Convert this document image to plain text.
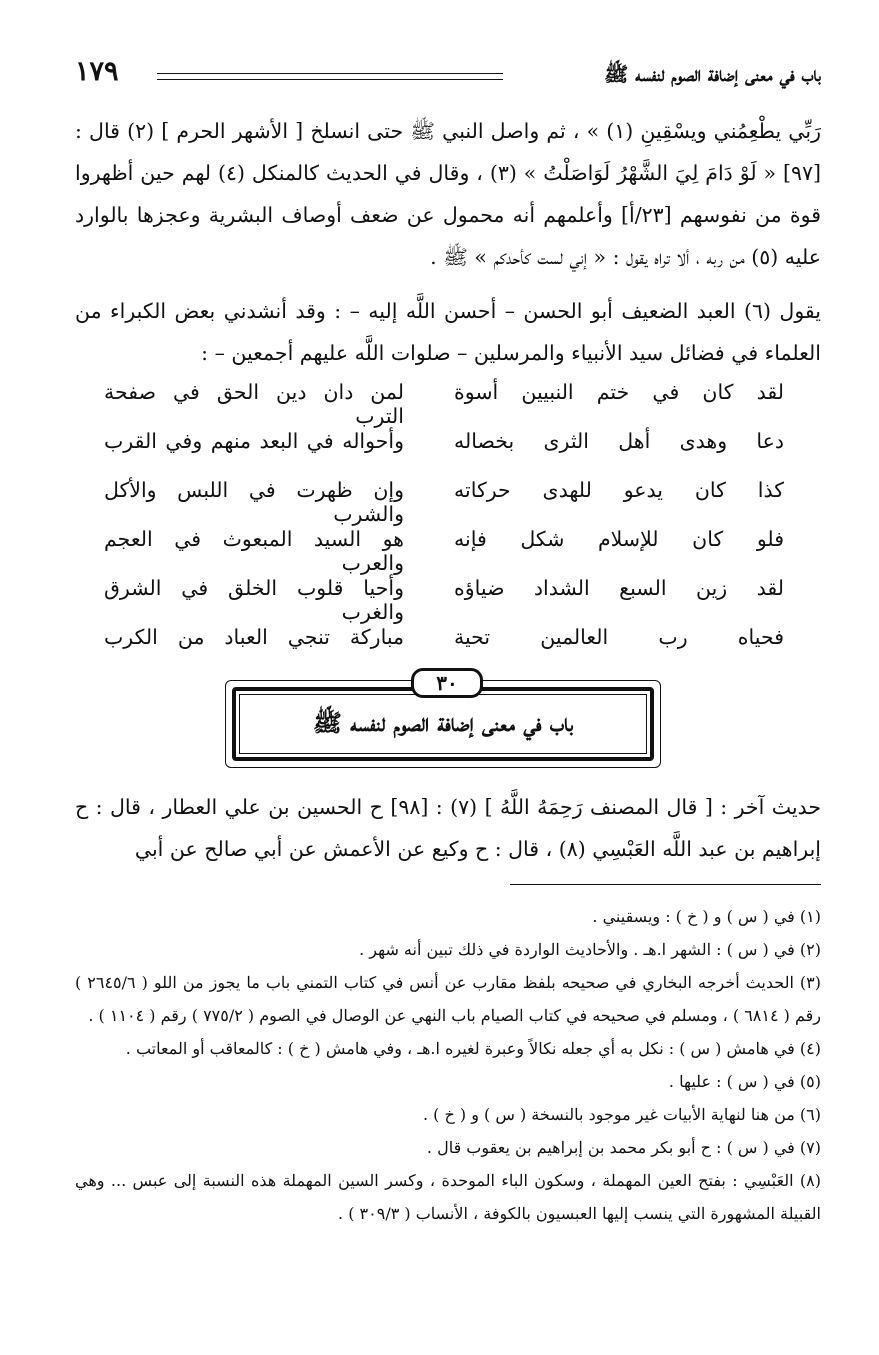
باب في معنى إضافة الصوم لنفسه ﷺ
١٧٩
رَبِّي يطْعِمُني ويسْقِينِ (١) » ، ثم واصل النبي ﷺ حتى انسلخ [ الأشهر الحرم ] (٢) قال : [٩٧] « لَوْ دَامَ لِيَ الشَّهْرُ لَوَاصَلْتُ » (٣) ، وقال في الحديث كالمنكل (٤) لهم حين أظهروا قوة من نفوسهم [٢٣/أ] وأعلمهم أنه محمول عن ضعف أوصاف البشرية وعجزها بالوارد عليه (٥) من ربه ، ألا تراه يقول : « إني لست كأحدكم » ﷺ .
يقول (٦) العبد الضعيف أبو الحسن – أحسن اللَّه إليه – : وقد أنشدني بعض الكبراء من العلماء في فضائل سيد الأنبياء والمرسلين – صلوات اللَّه عليهم أجمعين – :
لقد كان في ختم النبيين أسوة
لمن دان دين الحق في صفحة الترب
دعا وهدى أهل الثرى بخصاله
وأحواله في البعد منهم وفي القرب
كذا كان يدعو للهدى حركاته
وإن ظهرت في اللبس والأكل والشرب
فلو كان للإسلام شكل فإنه
هو السيد المبعوث في العجم والعرب
لقد زين السبع الشداد ضياؤه
وأحيا قلوب الخلق في الشرق والغرب
فحياه رب العالمين تحية
مباركة تنجي العباد من الكرب
٣٠
باب في معنى إضافة الصوم لنفسه ﷺ
حديث آخر : [ قال المصنف رَحِمَهُ اللَّهُ ] (٧) : [٩٨] ح الحسين بن علي العطار ، قال : ح إبراهيم بن عبد اللَّه العَبْسِي (٨) ، قال : ح وكيع عن الأعمش عن أبي صالح عن أبي
(١) في ( س ) و ( خ ) : ويسقيني .
(٢) في ( س ) : الشهر ا.هـ . والأحاديث الواردة في ذلك تبين أنه شهر .
(٣) الحديث أخرجه البخاري في صحيحه بلفظ مقارب عن أنس في كتاب التمني باب ما يجوز من اللو ( ٢٦٤٥/٦ ) رقم ( ٦٨١٤ ) ، ومسلم في صحيحه في كتاب الصيام باب النهي عن الوصال في الصوم ( ٧٧٥/٢ ) رقم ( ١١٠٤ ) .
(٤) في هامش ( س ) : نكل به أي جعله نكالاً وعبرة لغيره ا.هـ ، وفي هامش ( خ ) : كالمعاقب أو المعاتب .
(٥) في ( س ) : عليها .
(٦) من هنا لنهاية الأبيات غير موجود بالنسخة ( س ) و ( خ ) .
(٧) في ( س ) : ح أبو بكر محمد بن إبراهيم بن يعقوب قال .
(٨) العَبْسِي : بفتح العين المهملة ، وسكون الباء الموحدة ، وكسر السين المهملة هذه النسبة إلى عبس ... وهي القبيلة المشهورة التي ينسب إليها العبسيون بالكوفة ، الأنساب ( ٣٠٩/٣ ) .
